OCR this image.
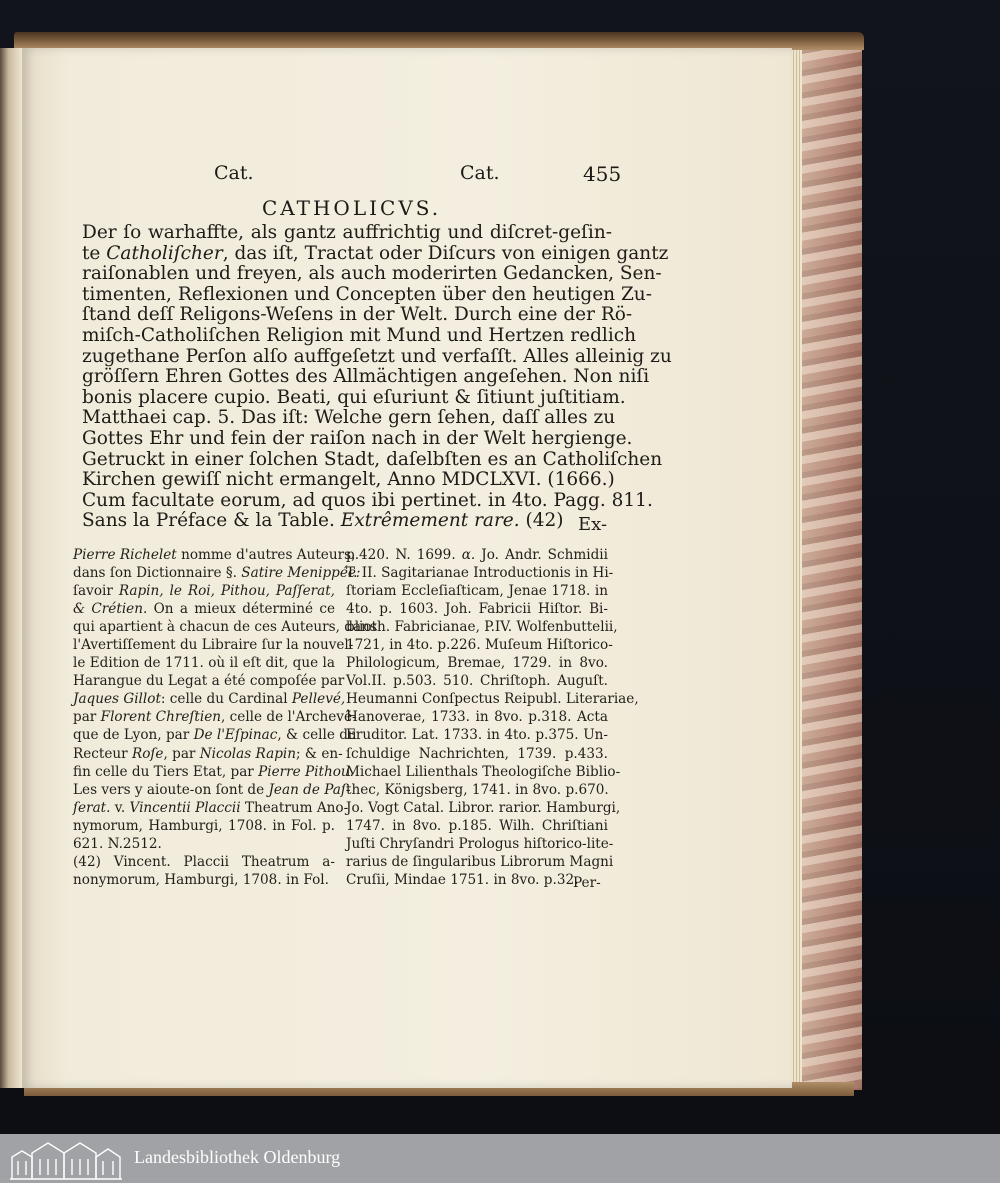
Cat.	Cat.	455
CATHOLICVS.
Der ſo warhaffte, als gantz auffrichtig und diſcret-geſin-
te Catholiſcher, das iſt, Tractat oder Diſcurs von einigen gantz
raiſonablen und freyen, als auch moderirten Gedancken, Sen-
timenten, Reflexionen und Concepten über den heutigen Zu-
ſtand deſſ Religons-Weſens in der Welt. Durch eine der Rö-
miſch-Catholiſchen Religion mit Mund und Hertzen redlich
zugethane Perſon alſo auffgeſetzt und verfaſſt. Alles alleinig zu
gröſſern Ehren Gottes des Allmächtigen angeſehen. Non niſi
bonis placere cupio. Beati, qui eſuriunt & ſitiunt juſtitiam.
Matthaei cap. 5. Das iſt: Welche gern ſehen, daſſ alles zu
Gottes Ehr und fein der raiſon nach in der Welt hergienge.
Getruckt in einer ſolchen Stadt, daſelbſten es an Catholiſchen
Kirchen gewiſſ nicht ermangelt, Anno MDCLXVI. (1666.)
Cum facultate eorum, ad quos ibi pertinet. in 4to. Pagg. 811.
Sans la Préface & la Table. Extrêmement rare. (42) Ex-
Pierre Richelet nomme d'autres Auteurs,
dans ſon Dictionnaire §. Satire Menippée:
ſavoir Rapin, le Roi, Pithou, Paſſerat,
& Crétien. On a mieux déterminé ce
qui apartient à chacun de ces Auteurs, dans
l'Avertiſſement du Libraire ſur la nouvel-
le Edition de 1711. où il eſt dit, que la
Harangue du Legat a été compoſée par
Jaques Gillot: celle du Cardinal Pellevé,
par Florent Chreſtien, celle de l'Archevê-
que de Lyon, par De l'Eſpinac, & celle du
Recteur Roſe, par Nicolas Rapin; & en-
fin celle du Tiers Etat, par Pierre Pithou.
Les vers y aioute-on ſont de Jean de Paſ-
ſerat. v. Vincentii Placcii Theatrum Ano-
nymorum, Hamburgi, 1708. in Fol. p.
621. N.2512.
(42) Vincent. Placcii Theatrum a-
nonymorum, Hamburgi, 1708. in Fol.
p.420. N. 1699. α. Jo. Andr. Schmidii
T. II. Sagitarianae Introductionis in Hi-
ſtoriam Eccleſiaſticam, Jenae 1718. in
4to. p. 1603. Joh. Fabricii Hiſtor. Bi-
blioth. Fabricianae, P.IV. Wolfenbuttelii,
1721, in 4to. p.226. Muſeum Hiſtorico-
Philologicum, Bremae, 1729. in 8vo.
Vol.II. p.503. 510. Chriſtoph. Auguſt.
Heumanni Conſpectus Reipubl. Literariae,
Hanoverae, 1733. in 8vo. p.318. Acta
Eruditor. Lat. 1733. in 4to. p.375. Un-
ſchuldige Nachrichten, 1739. p.433.
Michael Lilienthals Theologiſche Biblio-
thec, Königsberg, 1741. in 8vo. p.670.
Jo. Vogt Catal. Libror. rarior. Hamburgi,
1747. in 8vo. p.185. Wilh. Chriſtiani
Juſti Chryſandri Prologus hiſtorico-lite-
rarius de ſingularibus Librorum Magni
Cruſii, Mindae 1751. in 8vo. p.32.
Per-
Landesbibliothek Oldenburg
